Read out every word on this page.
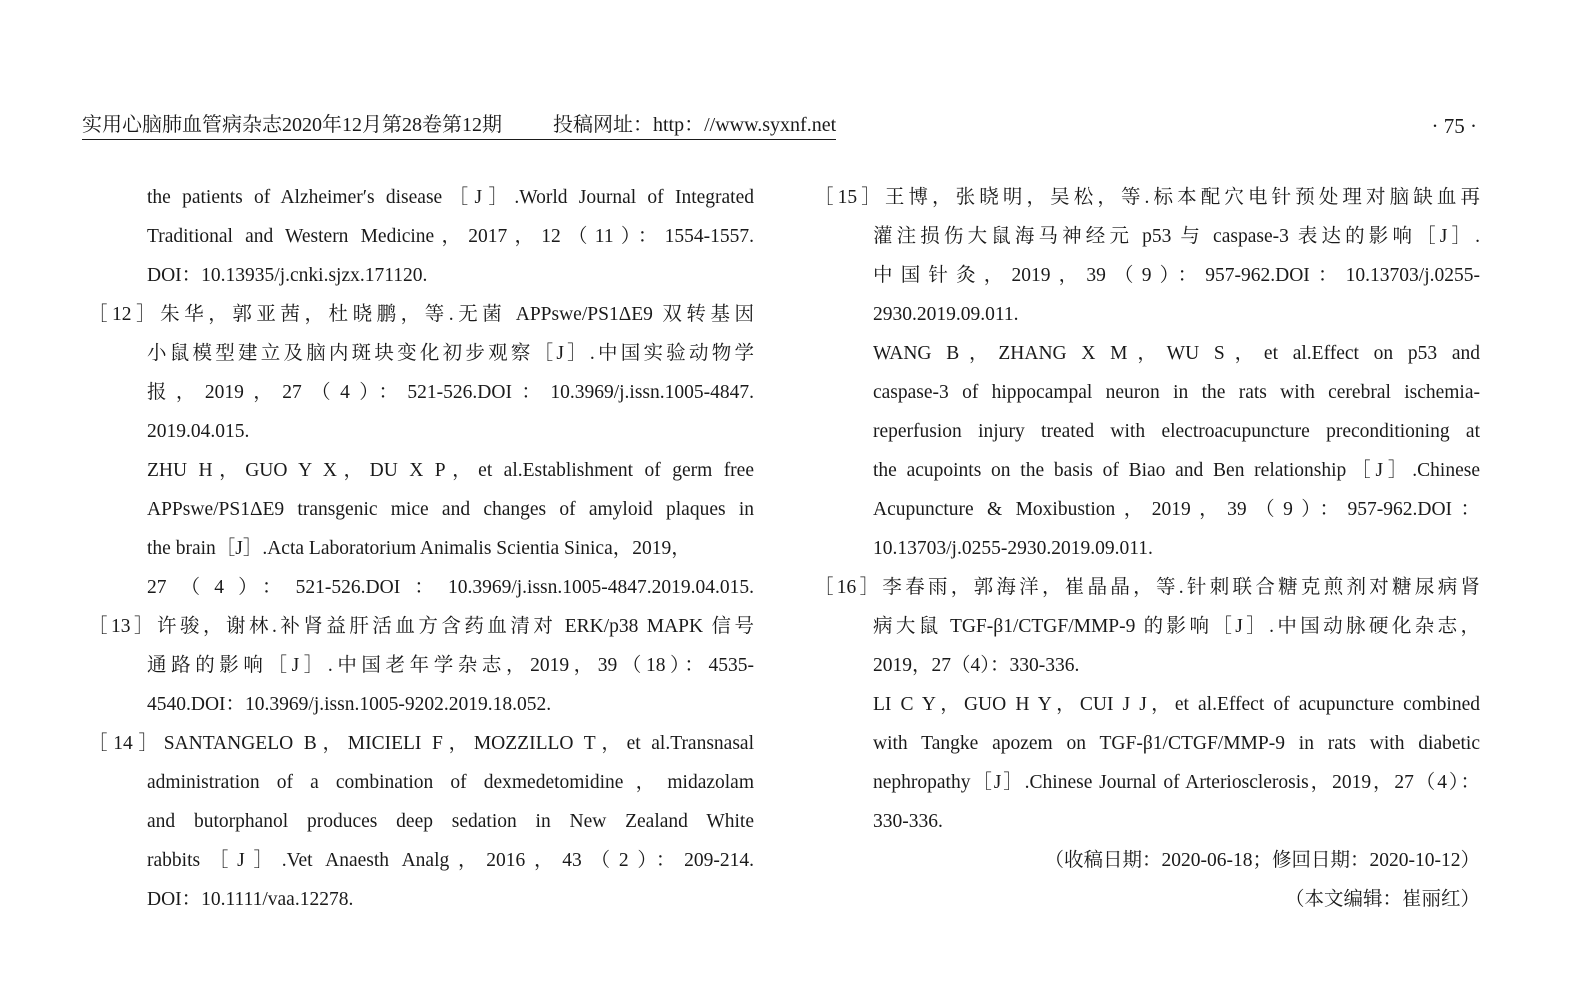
实用心脑肺血管病杂志2020年12月第28卷第12期	投稿网址：http：//www.syxnf.net	· 75 ·
the patients of Alzheimer′s disease［J］.World Journal of Integrated
Traditional and Western Medicine，2017，12（11）：1554-1557.
DOI：10.13935/j.cnki.sjzx.171120.
［12］朱华，郭亚茜，杜晓鹏，等.无菌 APPswe/PS1ΔE9 双转基因
小鼠模型建立及脑内斑块变化初步观察［J］.中国实验动物学
报，2019，27（4）：521-526.DOI：10.3969/j.issn.1005-4847.
2019.04.015.
ZHU H，GUO Y X，DU X P，et al.Establishment of germ free
APPswe/PS1ΔE9 transgenic mice and changes of amyloid plaques in
the brain［J］.Acta Laboratorium Animalis Scientia Sinica，2019，
27（4）：521-526.DOI：10.3969/j.issn.1005-4847.2019.04.015.
［13］许骏，谢林.补肾益肝活血方含药血清对 ERK/p38 MAPK 信号
通路的影响［J］.中国老年学杂志，2019，39（18）：4535-
4540.DOI：10.3969/j.issn.1005-9202.2019.18.052.
［14］SANTANGELO B，MICIELI F，MOZZILLO T，et al.Transnasal
administration of a combination of dexmedetomidine，midazolam
and butorphanol produces deep sedation in New Zealand White
rabbits［J］.Vet Anaesth Analg，2016，43（2）：209-214.
DOI：10.1111/vaa.12278.
［15］王博，张晓明，吴松，等.标本配穴电针预处理对脑缺血再
灌注损伤大鼠海马神经元 p53 与 caspase-3 表达的影响［J］.
中国针灸，2019，39（9）：957-962.DOI：10.13703/j.0255-
2930.2019.09.011.
WANG B，ZHANG X M，WU S，et al.Effect on p53 and
caspase-3 of hippocampal neuron in the rats with cerebral ischemia-
reperfusion injury treated with electroacupuncture preconditioning at
the acupoints on the basis of Biao and Ben relationship［J］.Chinese
Acupuncture & Moxibustion，2019，39（9）：957-962.DOI：
10.13703/j.0255-2930.2019.09.011.
［16］李春雨，郭海洋，崔晶晶，等.针刺联合糖克煎剂对糖尿病肾
病大鼠 TGF-β1/CTGF/MMP-9 的影响［J］.中国动脉硬化杂志，
2019，27（4）：330-336.
LI C Y，GUO H Y，CUI J J，et al.Effect of acupuncture combined
with Tangke apozem on TGF-β1/CTGF/MMP-9 in rats with diabetic
nephropathy［J］.Chinese Journal of Arteriosclerosis，2019，27（4）：
330-336.
（收稿日期：2020-06-18；修回日期：2020-10-12）
（本文编辑：崔丽红）
